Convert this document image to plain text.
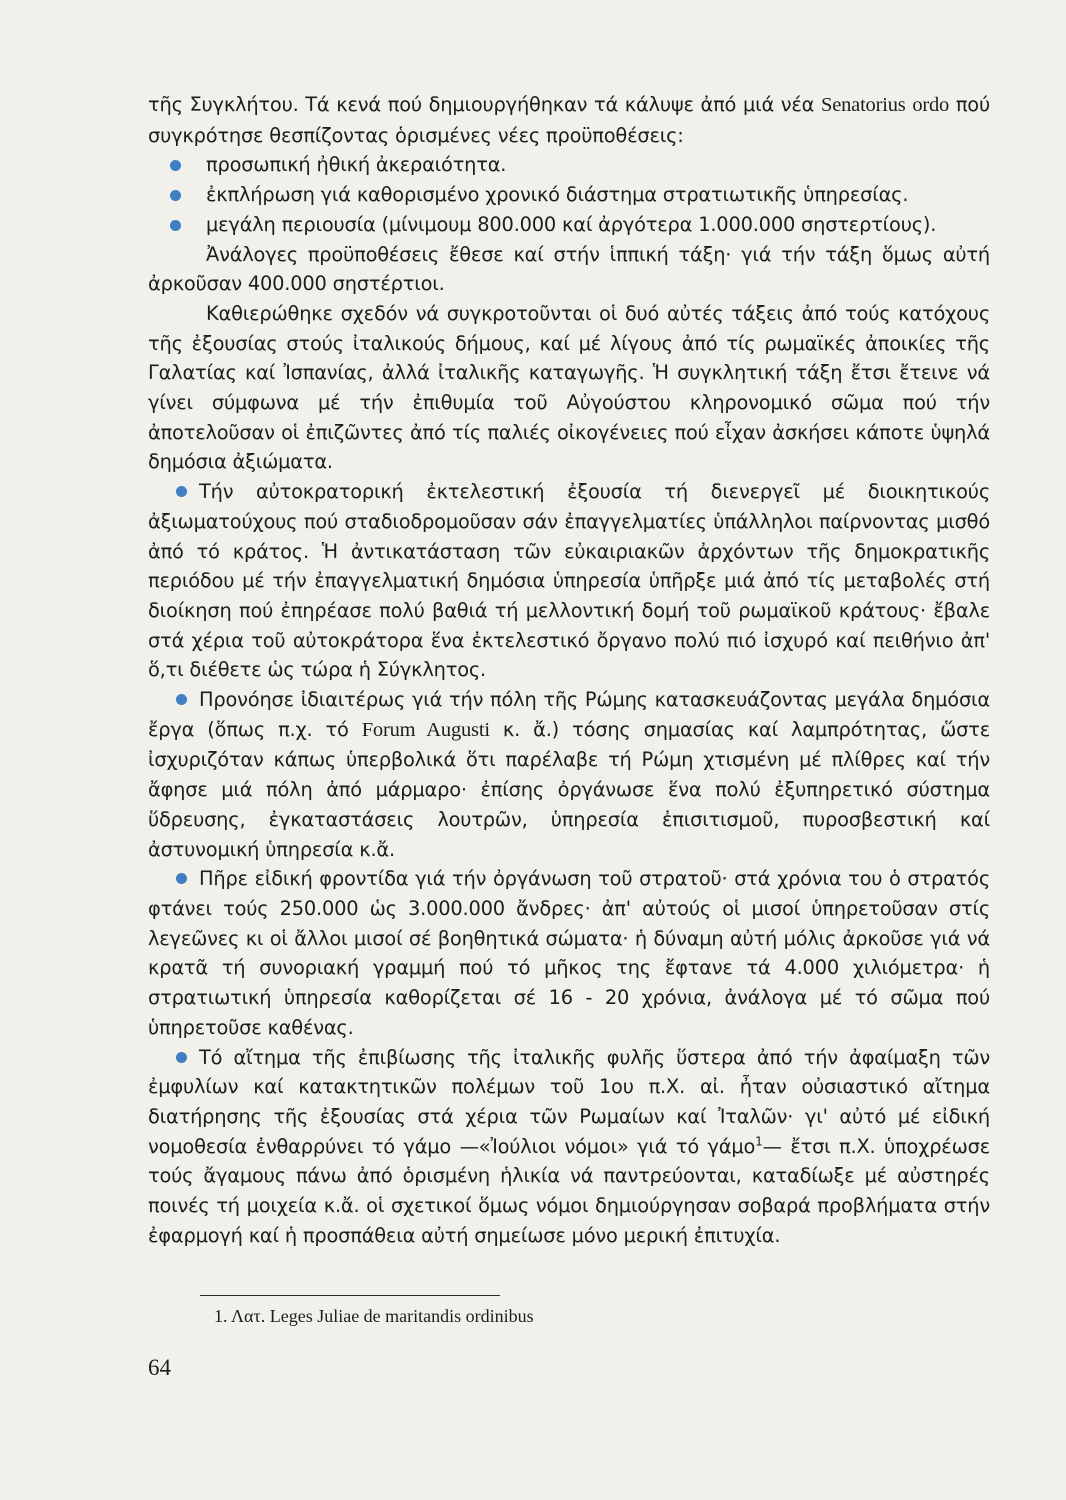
τῆς Συγκλήτου. Τά κενά πού δημιουργήθηκαν τά κάλυψε ἀπό μιά νέα Senatorius ordo πού συγκρότησε θεσπίζοντας ὁρισμένες νέες προϋποθέσεις:

προσωπική ἠθική ἀκεραιότητα.

ἐκπλήρωση γιά καθορισμένο χρονικό διάστημα στρατιωτικῆς ὑπηρεσίας.

μεγάλη περιουσία (μίνιμουμ 800.000 καί ἀργότερα 1.000.000 σηστερτίους).

Ἀνάλογες προϋποθέσεις ἔθεσε καί στήν ἱππική τάξη· γιά τήν τάξη ὅμως αὐτή ἀρκοῦσαν 400.000 σηστέρτιοι.

Καθιερώθηκε σχεδόν νά συγκροτοῦνται οἱ δυό αὐτές τάξεις ἀπό τούς κατόχους τῆς ἐξουσίας στούς ἰταλικούς δήμους, καί μέ λίγους ἀπό τίς ρωμαϊκές ἀποικίες τῆς Γαλατίας καί Ἰσπανίας, ἀλλά ἰταλικῆς καταγωγῆς. Ἡ συγκλητική τάξη ἔτσι ἔτεινε νά γίνει σύμφωνα μέ τήν ἐπιθυμία τοῦ Αὐγούστου κληρονομικό σῶμα πού τήν ἀποτελοῦσαν οἱ ἐπιζῶντες ἀπό τίς παλιές οἰκογένειες πού εἶχαν ἀσκήσει κάποτε ὑψηλά δημόσια ἀξιώματα.

Τήν αὐτοκρατορική ἐκτελεστική ἐξουσία τή διενεργεῖ μέ διοικητικούς ἀξιωματούχους πού σταδιοδρομοῦσαν σάν ἐπαγγελματίες ὑπάλληλοι παίρνοντας μισθό ἀπό τό κράτος. Ἡ ἀντικατάσταση τῶν εὐκαιριακῶν ἀρχόντων τῆς δημοκρατικῆς περιόδου μέ τήν ἐπαγγελματική δημόσια ὑπηρεσία ὑπῆρξε μιά ἀπό τίς μεταβολές στή διοίκηση πού ἐπηρέασε πολύ βαθιά τή μελλοντική δομή τοῦ ρωμαϊκοῦ κράτους· ἔβαλε στά χέρια τοῦ αὐτοκράτορα ἕνα ἐκτελεστικό ὄργανο πολύ πιό ἰσχυρό καί πειθήνιο ἀπ' ὅ,τι διέθετε ὡς τώρα ἡ Σύγκλητος.

Προνόησε ἰδιαιτέρως γιά τήν πόλη τῆς Ρώμης κατασκευάζοντας μεγάλα δημόσια ἔργα (ὅπως π.χ. τό Forum Augusti κ. ἄ.) τόσης σημασίας καί λαμπρότητας, ὥστε ἰσχυριζόταν κάπως ὑπερβολικά ὅτι παρέλαβε τή Ρώμη χτισμένη μέ πλίθρες καί τήν ἄφησε μιά πόλη ἀπό μάρμαρο· ἐπίσης ὀργάνωσε ἕνα πολύ ἐξυπηρετικό σύστημα ὕδρευσης, ἐγκαταστάσεις λουτρῶν, ὑπηρεσία ἐπισιτισμοῦ, πυροσβεστική καί ἀστυνομική ὑπηρεσία κ.ἄ.

Πῆρε εἰδική φροντίδα γιά τήν ὀργάνωση τοῦ στρατοῦ· στά χρόνια του ὁ στρατός φτάνει τούς 250.000 ὡς 3.000.000 ἄνδρες· ἀπ' αὐτούς οἱ μισοί ὑπηρετοῦσαν στίς λεγεῶνες κι οἱ ἄλλοι μισοί σέ βοηθητικά σώματα· ἡ δύναμη αὐτή μόλις ἀρκοῦσε γιά νά κρατᾶ τή συνοριακή γραμμή πού τό μῆκος της ἔφτανε τά 4.000 χιλιόμετρα· ἡ στρατιωτική ὑπηρεσία καθορίζεται σέ 16 - 20 χρόνια, ἀνάλογα μέ τό σῶμα πού ὑπηρετοῦσε καθένας.

Τό αἴτημα τῆς ἐπιβίωσης τῆς ἰταλικῆς φυλῆς ὕστερα ἀπό τήν ἀφαίμαξη τῶν ἐμφυλίων καί κατακτητικῶν πολέμων τοῦ 1ου π.Χ. αἰ. ἦταν οὐσιαστικό αἴτημα διατήρησης τῆς ἐξουσίας στά χέρια τῶν Ρωμαίων καί Ἰταλῶν· γι' αὐτό μέ εἰδική νομοθεσία ἐνθαρρύνει τό γάμο —«Ἰούλιοι νόμοι» γιά τό γάμο$^1$— ἔτσι π.Χ. ὑποχρέωσε τούς ἄγαμους πάνω ἀπό ὁρισμένη ἡλικία νά παντρεύονται, καταδίωξε μέ αὐστηρές ποινές τή μοιχεία κ.ἄ. οἱ σχετικοί ὅμως νόμοι δημιούργησαν σοβαρά προβλήματα στήν ἐφαρμογή καί ἡ προσπάθεια αὐτή σημείωσε μόνο μερική ἐπιτυχία.

1. Λατ. Leges Juliae de maritandis ordinibus
64
